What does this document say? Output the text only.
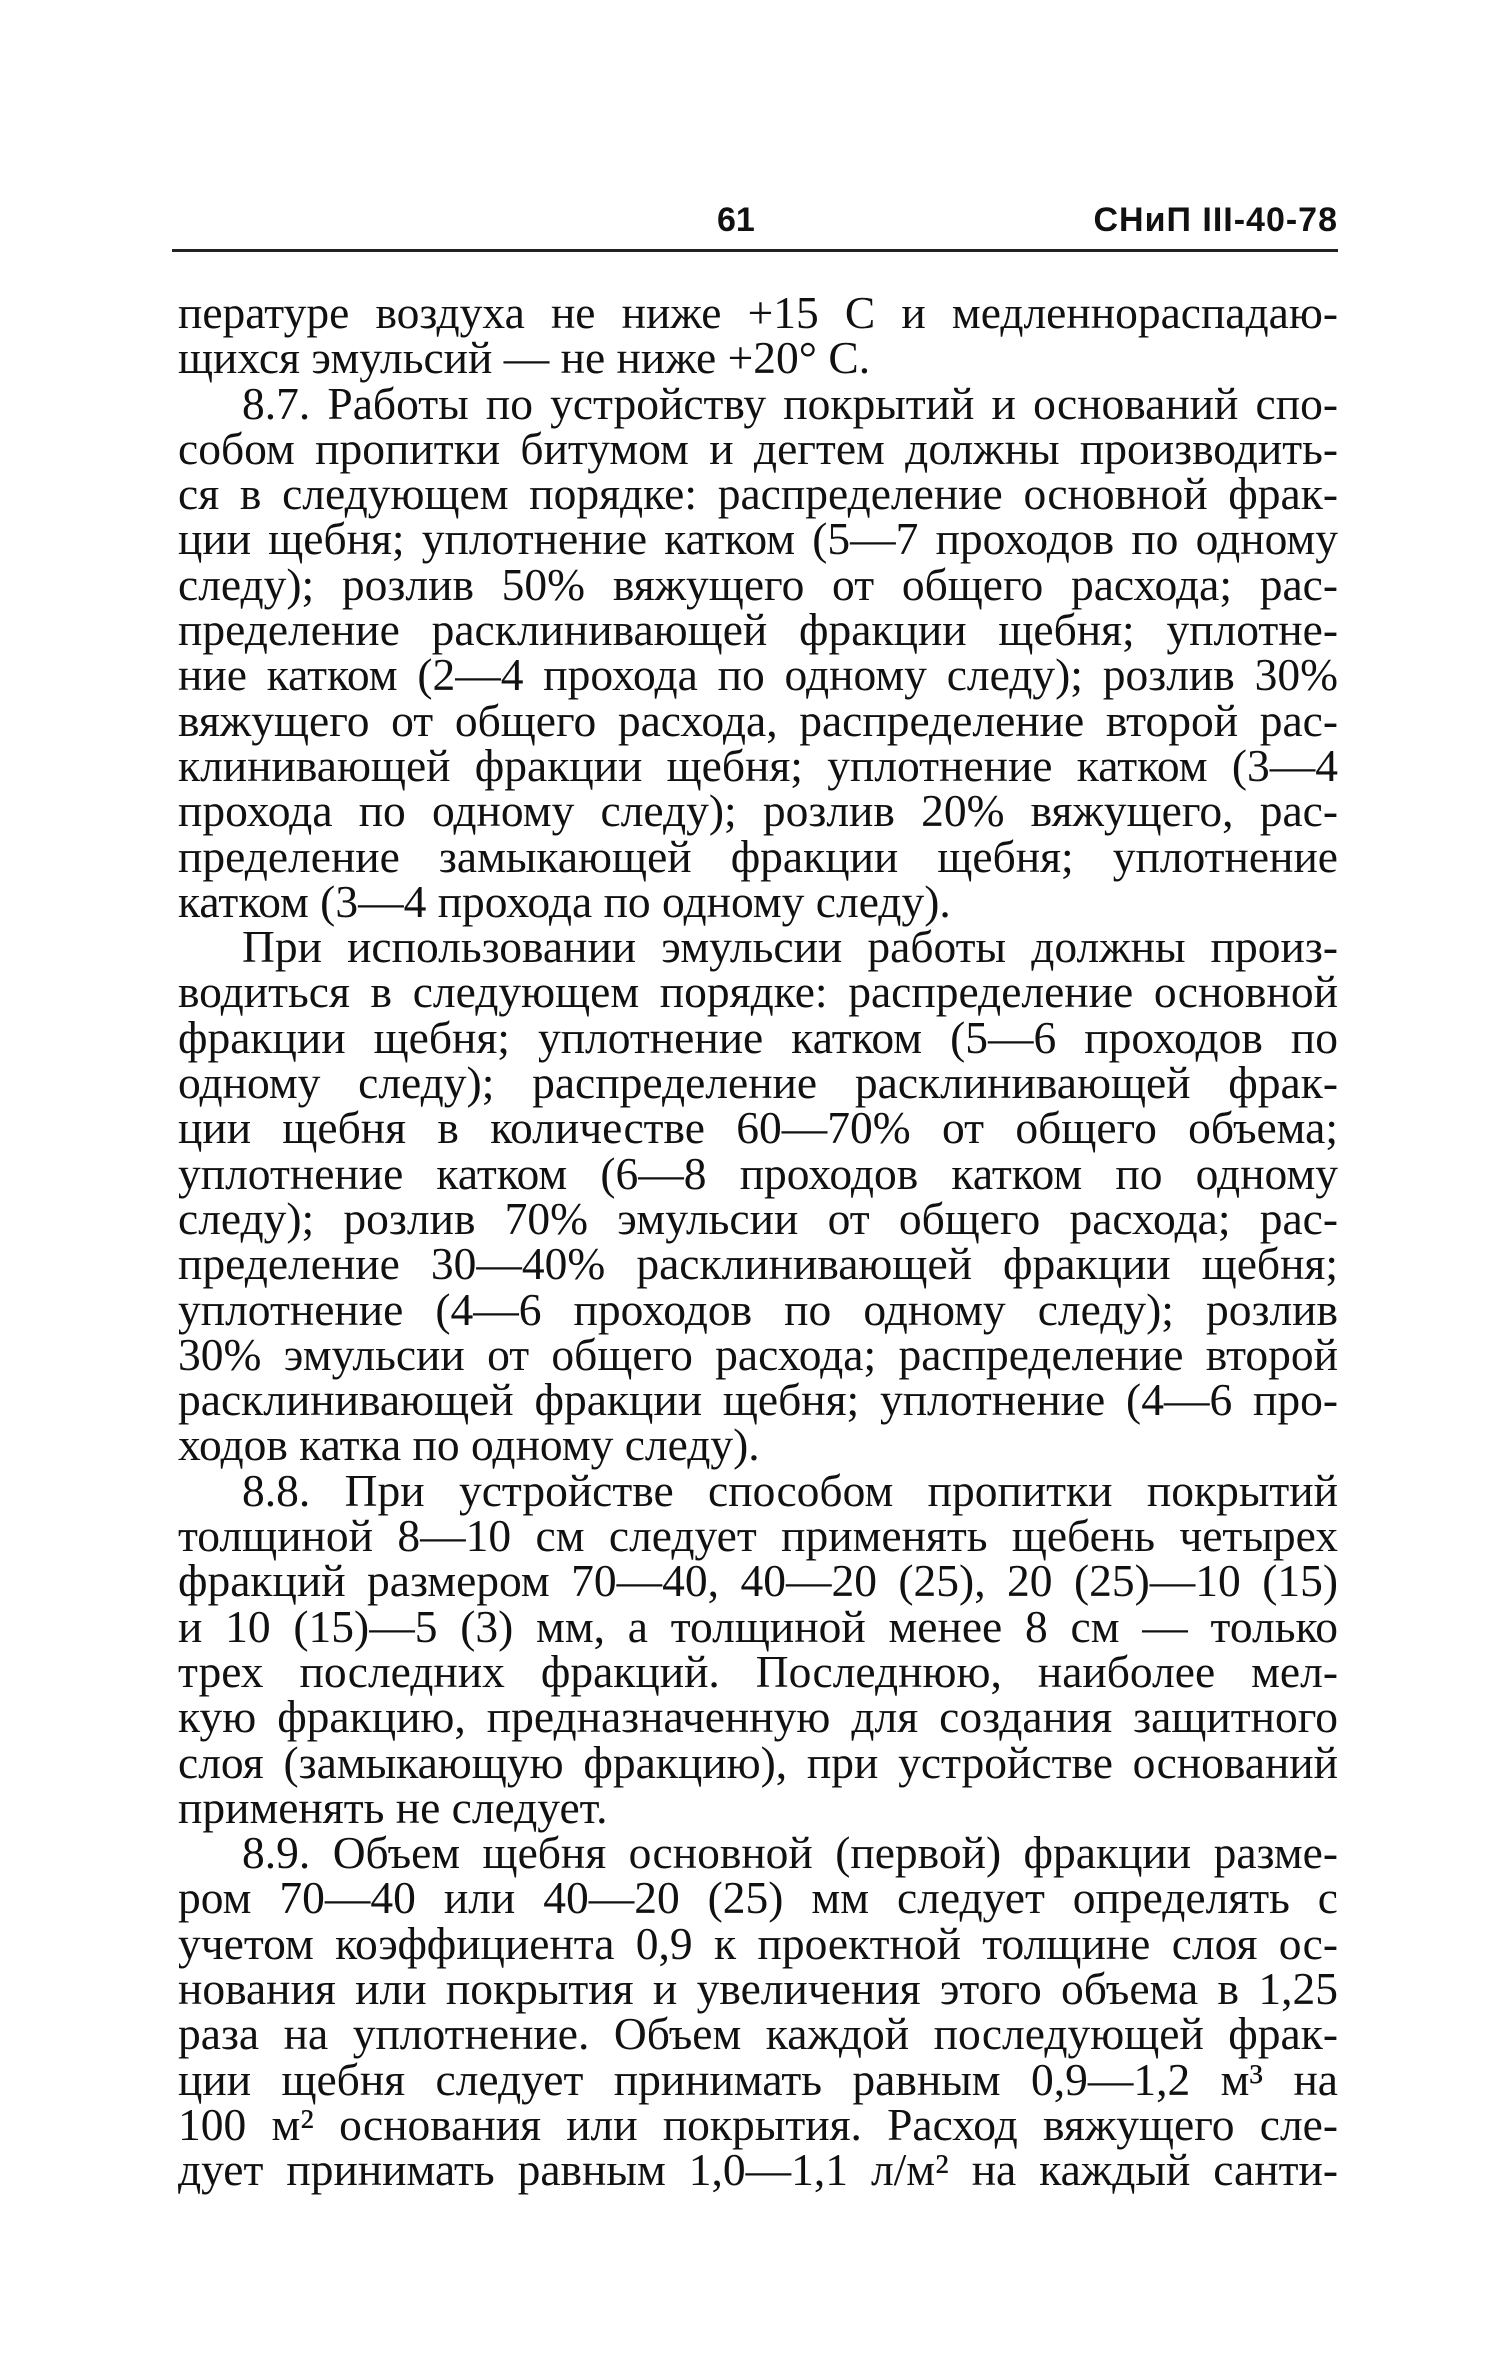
61	СНиП III-40-78
пературе воздуха не ниже +15 С и медленнораспадаю-
щихся эмульсий — не ниже +20° С.
8.7. Работы по устройству покрытий и оснований спо-
собом пропитки битумом и дегтем должны производить-
ся в следующем порядке: распределение основной фрак-
ции щебня; уплотнение катком (5—7 проходов по одному
следу); розлив 50% вяжущего от общего расхода; рас-
пределение расклинивающей фракции щебня; уплотне-
ние катком (2—4 прохода по одному следу); розлив 30%
вяжущего от общего расхода, распределение второй рас-
клинивающей фракции щебня; уплотнение катком (3—4
прохода по одному следу); розлив 20% вяжущего, рас-
пределение замыкающей фракции щебня; уплотнение
катком (3—4 прохода по одному следу).
При использовании эмульсии работы должны произ-
водиться в следующем порядке: распределение основной
фракции щебня; уплотнение катком (5—6 проходов по
одному следу); распределение расклинивающей фрак-
ции щебня в количестве 60—70% от общего объема;
уплотнение катком (6—8 проходов катком по одному
следу); розлив 70% эмульсии от общего расхода; рас-
пределение 30—40% расклинивающей фракции щебня;
уплотнение (4—6 проходов по одному следу); розлив
30% эмульсии от общего расхода; распределение второй
расклинивающей фракции щебня; уплотнение (4—6 про-
ходов катка по одному следу).
8.8. При устройстве способом пропитки покрытий
толщиной 8—10 см следует применять щебень четырех
фракций размером 70—40, 40—20 (25), 20 (25)—10 (15)
и 10 (15)—5 (3) мм, а толщиной менее 8 см — только
трех последних фракций. Последнюю, наиболее мел-
кую фракцию, предназначенную для создания защитного
слоя (замыкающую фракцию), при устройстве оснований
применять не следует.
8.9. Объем щебня основной (первой) фракции разме-
ром 70—40 или 40—20 (25) мм следует определять с
учетом коэффициента 0,9 к проектной толщине слоя ос-
нования или покрытия и увеличения этого объема в 1,25
раза на уплотнение. Объем каждой последующей фрак-
ции щебня следует принимать равным 0,9—1,2 м³ на
100 м² основания или покрытия. Расход вяжущего сле-
дует принимать равным 1,0—1,1 л/м² на каждый санти-
